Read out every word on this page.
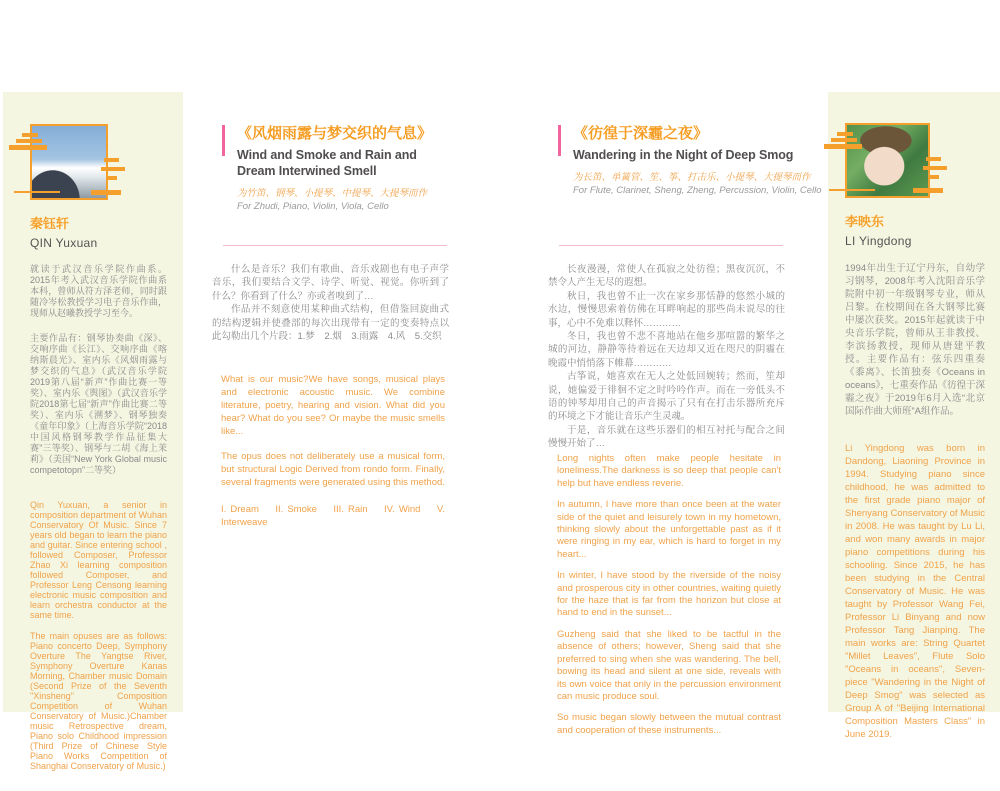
秦钰轩
QIN Yuxuan

就读于武汉音乐学院作曲系。2015年考入武汉音乐学院作曲系本科，曾师从符方泽老师，同时跟随冷岑松教授学习电子音乐作曲，现师从赵曦教授学习至今。

主要作品有：钢琴协奏曲《深》、交响序曲《长江》、交响序曲《喀纳斯晨光》、室内乐《风烟雨露与梦交织的气息》（武汉音乐学院2019第八届“新声”作曲比赛一等奖）、室内乐《舆图》（武汉音乐学院2018第七届“新声”作曲比赛二等奖）、室内乐《溯梦》、钢琴独奏《童年印象》（上海音乐学院“2018中国风格钢琴教学作品征集大赛”三等奖）、钢琴与二胡《海上茉莉》（美国“New York Global music competotopn”二等奖）

Qin Yuxuan, a senior in composition department of Wuhan Conservatory Of Music. Since 7 years old began to learn the piano and guitar. Since entering school , followed Composer, Professor Zhao Xi learning composition followed Composer, and Professor Leng Censong learning electronic music composition and learn orchestra conductor at the same time.

The main opuses are as follows: Piano concerto Deep, Symphony Overture The Yangtse River, Symphony Overture Kanas Morning, Chamber music Domain (Second Prize of the Seventh "Xinsheng" Composition Competition of Wuhan Conservatory of Music.)Chamber music Retrospective dream, Piano solo Childhood impression (Third Prize of Chinese Style Piano Works Competition of Shanghai Conservatory of Music.)

《风烟雨露与梦交织的气息》
Wind and Smoke and Rain and Dream Interwined Smell
为竹笛、钢琴、小提琴、中提琴、大提琴而作
For Zhudi, Piano, Violin, Viola, Cello

什么是音乐？我们有歌曲、音乐戏剧也有电子声学音乐，我们要结合文学、诗学、听觉、视觉。你听到了什么？你看到了什么？亦或者嗅到了…

作品并不刻意使用某种曲式结构，但借鉴回旋曲式的结构逻辑并使叠部的每次出现带有一定的变奏特点以此勾勒出几个片段：1.梦　2.烟　3.雨露　4.风　5.交织

What is our music?We have songs, musical plays and electronic acoustic music. We combine literature, poetry, hearing and vision. What did you hear? What do you see? Or maybe the music smells like...

The opus does not deliberately use a musical form, but structural Logic Derived from rondo form. Finally, several fragments were generated using this method.

I. Dream    II. Smoke    III. Rain    IV. Wind    V. Interweave

《彷徨于深霾之夜》
Wandering in the Night of Deep Smog
为长笛、单簧管、笙、筝、打击乐、小提琴、大提琴而作
For Flute, Clarinet, Sheng, Zheng, Percussion, Violin, Cello

长夜漫漫，常使人在孤寂之处彷徨；黑夜沉沉，不禁令人产生无尽的遐想。

秋日，我也曾不止一次在家乡那恬静的悠然小城的水边，慢慢思索着仿佛在耳畔响起的那些尚未说尽的往事，心中不免难以释怀…………

冬日，我也曾不悲不喜地站在他乡那喧嚣的繁华之城的河边，静静等待着远在天边却又近在咫尺的阴霾在晚霞中悄悄落下帷幕…………

古筝说，她喜欢在无人之处低回婉转；然而，笙却说，她偏爱于徘徊不定之时吟吟作声。而在一旁低头不语的钟琴却用自己的声音揭示了只有在打击乐器所充斥的环境之下才能让音乐产生灵魂。

于是，音乐就在这些乐器们的相互衬托与配合之间慢慢开始了…

Long nights often make people hesitate in loneliness.The darkness is so deep that people can't help but have endless reverie.

In autumn, I have more than once been at the water side of the quiet and leisurely town in my hometown, thinking slowly about the unforgettable past as if it were ringing in my ear, which is hard to forget in my heart...

In winter, I have stood by the riverside of the noisy and prosperous city in other countries, waiting quietly for the haze that is far from the horizon but close at hand to end in the sunset...

Guzheng said that she liked to be tactful in the absence of others; however, Sheng said that she preferred to sing when she was wandering. The bell, bowing its head and silent at one side, reveals with its own voice that only in the percussion environment can music produce soul.

So music began slowly between the mutual contrast and cooperation of these instruments...

李映东
LI Yingdong

1994年出生于辽宁丹东，自幼学习钢琴，2008年考入沈阳音乐学院附中初一年级钢琴专业，师从吕黎。在校期间在各大钢琴比赛中屡次获奖。2015年起就读于中央音乐学院，曾师从王非教授、李滨扬教授，现师从唐建平教授。主要作品有：弦乐四重奏《黍离》、长笛独奏《Oceans in oceans》，七重奏作品《彷徨于深霾之夜》于2019年6月入选“北京国际作曲大师班”A组作品。

Li Yingdong was born in Dandong, Liaoning Province in 1994. Studying piano since childhood, he was admitted to the first grade piano major of Shenyang Conservatory of Music in 2008. He was taught by Lu Li, and won many awards in major piano competitions during his schooling. Since 2015, he has been studying in the Central Conservatory of Music. He was taught by Professor Wang Fei, Professor Li Binyang and now Professor Tang Jianping. The main works are: String Quartet "Millet Leaves", Flute Solo "Oceans in oceans", Seven-piece "Wandering in the Night of Deep Smog" was selected as Group A of "Beijing International Composition Masters Class" in June 2019.
